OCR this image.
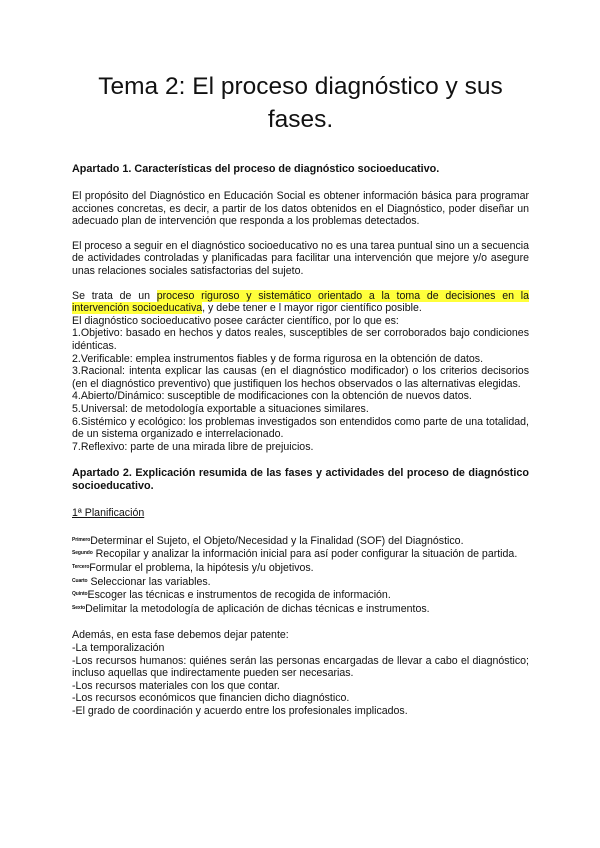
Tema 2: El proceso diagnóstico y sus fases.

Apartado 1. Características del proceso de diagnóstico socioeducativo.

El propósito del Diagnóstico en Educación Social es obtener información básica para programar acciones concretas, es decir, a partir de los datos obtenidos en el Diagnóstico, poder diseñar un adecuado plan de intervención que responda a los problemas detectados.

El proceso a seguir en el diagnóstico socioeducativo no es una tarea puntual sino un a secuencia de actividades controladas y planificadas para facilitar una intervención que mejore y/o asegure unas relaciones sociales satisfactorias del sujeto.

Se trata de un proceso riguroso y sistemático orientado a la toma de decisiones en la intervención socioeducativa, y debe tener e l mayor rigor científico posible.

El diagnóstico socioeducativo posee carácter científico, por lo que es:

1.Objetivo: basado en hechos y datos reales, susceptibles de ser corroborados bajo condiciones idénticas.

2.Verificable: emplea instrumentos fiables y de forma rigurosa en la obtención de datos.

3.Racional: intenta explicar las causas (en el diagnóstico modificador) o los criterios decisorios (en el diagnóstico preventivo) que justifiquen los hechos observados o las alternativas elegidas.

4.Abierto/Dinámico: susceptible de modificaciones con la obtención de nuevos datos.

5.Universal: de metodología exportable a situaciones similares.

6.Sistémico y ecológico: los problemas investigados son entendidos como parte de una totalidad, de un sistema organizado e interrelacionado.

7.Reflexivo: parte de una mirada libre de prejuicios.

Apartado 2. Explicación resumida de las fases y actividades del proceso de diagnóstico socioeducativo.

1ª Planificación

$^{Primero}$Determinar el Sujeto, el Objeto/Necesidad y la Finalidad (SOF) del Diagnóstico.

$^{Segundo}$ Recopilar y analizar la información inicial para así poder configurar la situación de partida.

$^{Tercero}$Formular el problema, la hipótesis y/u objetivos.

$^{Cuarto}$ Seleccionar las variables.

$^{Quinto}$Escoger las técnicas e instrumentos de recogida de información.

$^{Sexto}$Delimitar la metodología de aplicación de dichas técnicas e instrumentos.

Además, en esta fase debemos dejar patente:

-La temporalización

-Los recursos humanos: quiénes serán las personas encargadas de llevar a cabo el diagnóstico; incluso aquellas que indirectamente pueden ser necesarias.

-Los recursos materiales con los que contar.

-Los recursos económicos que financien dicho diagnóstico.

-El grado de coordinación y acuerdo entre los profesionales implicados.
